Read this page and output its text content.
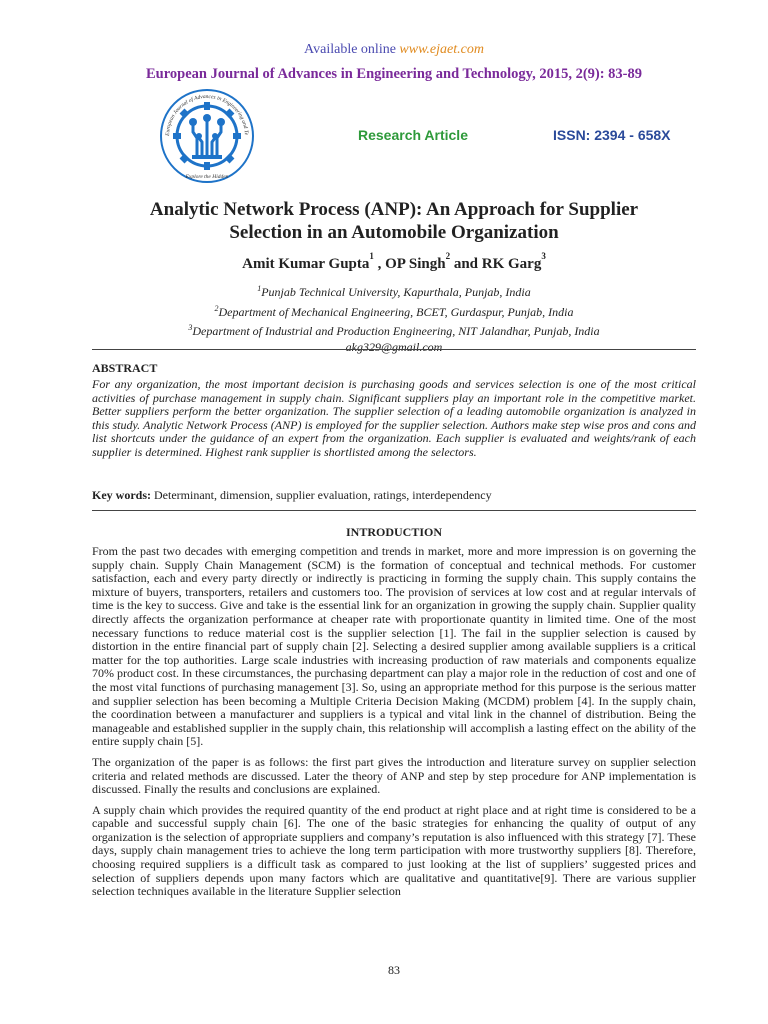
Available online www.ejaet.com
European Journal of Advances in Engineering and Technology, 2015, 2(9): 83-89
European Journal of Advances in Engineering and Te
Explore the Hidden
Research Article	ISSN: 2394 - 658X
Analytic Network Process (ANP): An Approach for Supplier
Selection in an Automobile Organization
Amit Kumar Gupta$^1$ , OP Singh$^2$ and RK Garg$^3$
$^1$Punjab Technical University, Kapurthala, Punjab, India
$^2$Department of Mechanical Engineering, BCET, Gurdaspur, Punjab, India
$^3$Department of Industrial and Production Engineering, NIT Jalandhar, Punjab, India
akg329@gmail.com
ABSTRACT
For any organization, the most important decision is purchasing goods and services selection is one of the most critical activities of purchase management in supply chain. Significant suppliers play an important role in the competitive market. Better suppliers perform the better organization. The supplier selection of a leading automobile organization is analyzed in this study. Analytic Network Process (ANP) is employed for the supplier selection. Authors make step wise pros and cons and list shortcuts under the guidance of an expert from the organization. Each supplier is evaluated and weights/rank of each supplier is determined. Highest rank supplier is shortlisted among the selectors.
Key words: Determinant, dimension, supplier evaluation, ratings, interdependency
INTRODUCTION

From the past two decades with emerging competition and trends in market, more and more impression is on governing the supply chain. Supply Chain Management (SCM) is the formation of conceptual and technical methods. For customer satisfaction, each and every party directly or indirectly is practicing in forming the supply chain. This supply contains the mixture of buyers, transporters, retailers and customers too. The provision of services at low cost and at regular intervals of time is the key to success. Give and take is the essential link for an organization in growing the supply chain. Supplier quality directly affects the organization performance at cheaper rate with proportionate quantity in limited time. One of the most necessary functions to reduce material cost is the supplier selection [1]. The fail in the supplier selection is caused by distortion in the entire financial part of supply chain [2]. Selecting a desired supplier among available suppliers is a critical matter for the top authorities. Large scale industries with increasing production of raw materials and components equalize 70% product cost. In these circumstances, the purchasing department can play a major role in the reduction of cost and one of the most vital functions of purchasing management [3]. So, using an appropriate method for this purpose is the serious matter and supplier selection has been becoming a Multiple Criteria Decision Making (MCDM) problem [4]. In the supply chain, the coordination between a manufacturer and suppliers is a typical and vital link in the channel of distribution. Being the manageable and established supplier in the supply chain, this relationship will accomplish a lasting effect on the ability of the entire supply chain [5].

The organization of the paper is as follows: the first part gives the introduction and literature survey on supplier selection criteria and related methods are discussed. Later the theory of ANP and step by step procedure for ANP implementation is discussed. Finally the results and conclusions are explained.

A supply chain which provides the required quantity of the end product at right place and at right time is considered to be a capable and successful supply chain [6]. The one of the basic strategies for enhancing the quality of output of any organization is the selection of appropriate suppliers and company’s reputation is also influenced with this strategy [7]. These days, supply chain management tries to achieve the long term participation with more trustworthy suppliers [8]. Therefore, choosing required suppliers is a difficult task as compared to just looking at the list of suppliers’ suggested prices and selection of suppliers depends upon many factors which are qualitative and quantitative[9]. There are various supplier selection techniques available in the literature Supplier selection

83
